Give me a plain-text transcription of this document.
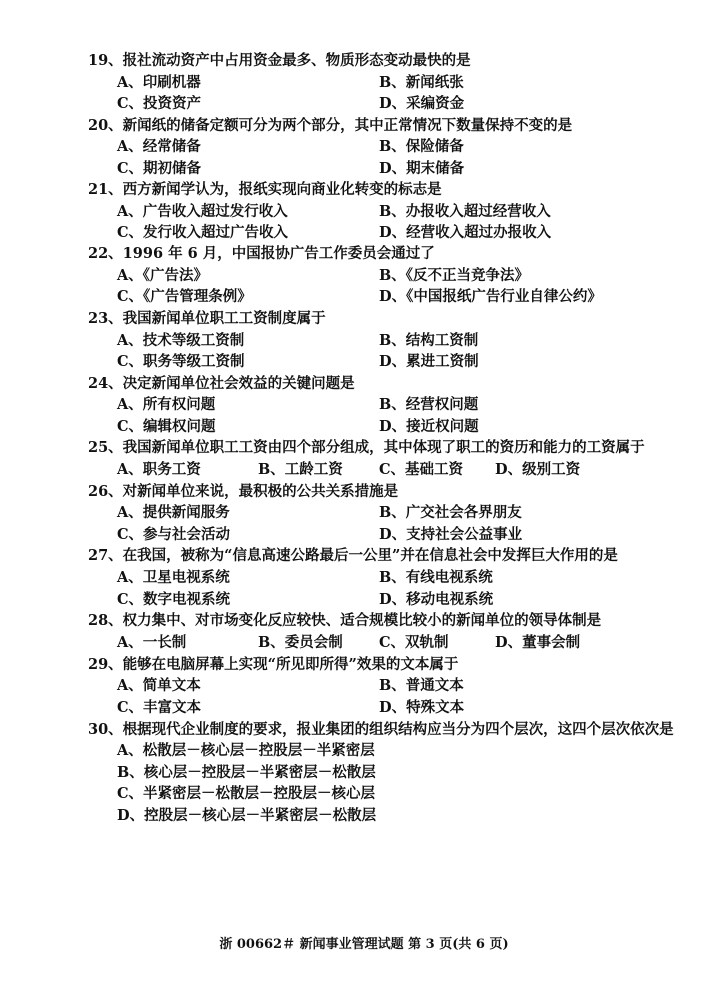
19、报社流动资产中占用资金最多、物质形态变动最快的是
A、印刷机器	B、新闻纸张
C、投资资产	D、采编资金
20、新闻纸的储备定额可分为两个部分，其中正常情况下数量保持不变的是
A、经常储备	B、保险储备
C、期初储备	D、期末储备
21、西方新闻学认为，报纸实现向商业化转变的标志是
A、广告收入超过发行收入	B、办报收入超过经营收入
C、发行收入超过广告收入	D、经营收入超过办报收入
22、1996 年 6 月，中国报协广告工作委员会通过了
A、《广告法》	B、《反不正当竞争法》
C、《广告管理条例》	D、《中国报纸广告行业自律公约》
23、我国新闻单位职工工资制度属于
A、技术等级工资制	B、结构工资制
C、职务等级工资制	D、累进工资制
24、决定新闻单位社会效益的关键问题是
A、所有权问题	B、经营权问题
C、编辑权问题	D、接近权问题
25、我国新闻单位职工工资由四个部分组成，其中体现了职工的资历和能力的工资属于
A、职务工资	B、工龄工资 C、基础工资 D、级别工资
26、对新闻单位来说，最积极的公共关系措施是
A、提供新闻服务	B、广交社会各界朋友
C、参与社会活动	D、支持社会公益事业
27、在我国，被称为“信息高速公路最后一公里”并在信息社会中发挥巨大作用的是
A、卫星电视系统	B、有线电视系统
C、数字电视系统	D、移动电视系统
28、权力集中、对市场变化反应较快、适合规模比较小的新闻单位的领导体制是
A、一长制	B、委员会制 C、双轨制	D、董事会制
29、能够在电脑屏幕上实现“所见即所得”效果的文本属于
A、简单文本	B、普通文本
C、丰富文本	D、特殊文本
30、根据现代企业制度的要求，报业集团的组织结构应当分为四个层次，这四个层次依次是
A、松散层－核心层－控股层－半紧密层
B、核心层－控股层－半紧密层－松散层
C、半紧密层－松散层－控股层－核心层
D、控股层－核心层－半紧密层－松散层
浙 00662＃ 新闻事业管理试题 第 3 页(共 6 页)
